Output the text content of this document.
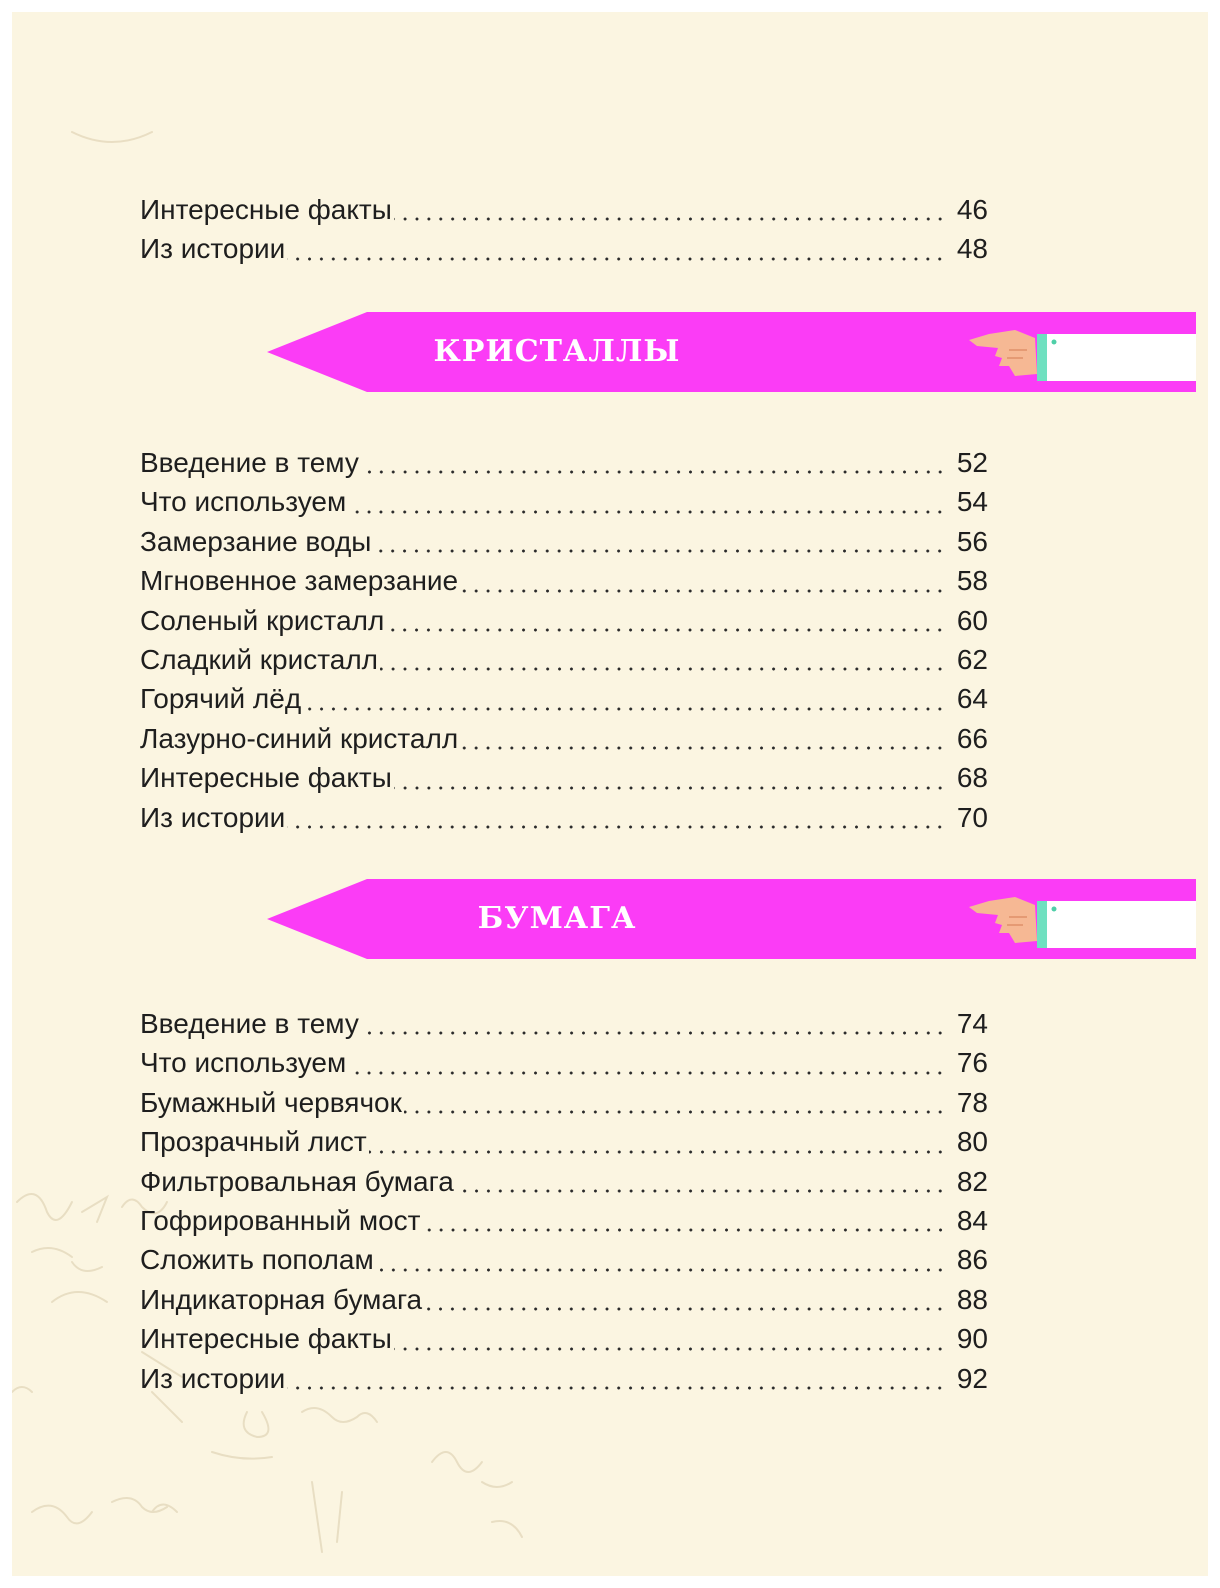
Интересные факты	46
Из истории	48
КРИСТАЛЛЫ
Введение в тему	52
Что используем	54
Замерзание воды	56
Мгновенное замерзание	58
Соленый кристалл	60
Сладкий кристалл	62
Горячий лёд	64
Лазурно-синий кристалл	66
Интересные факты	68
Из истории	70
БУМАГА
Введение в тему	74
Что используем	76
Бумажный червячок	78
Прозрачный лист	80
Фильтровальная бумага	82
Гофрированный мост	84
Сложить пополам	86
Индикаторная бумага	88
Интересные факты	90
Из истории	92
